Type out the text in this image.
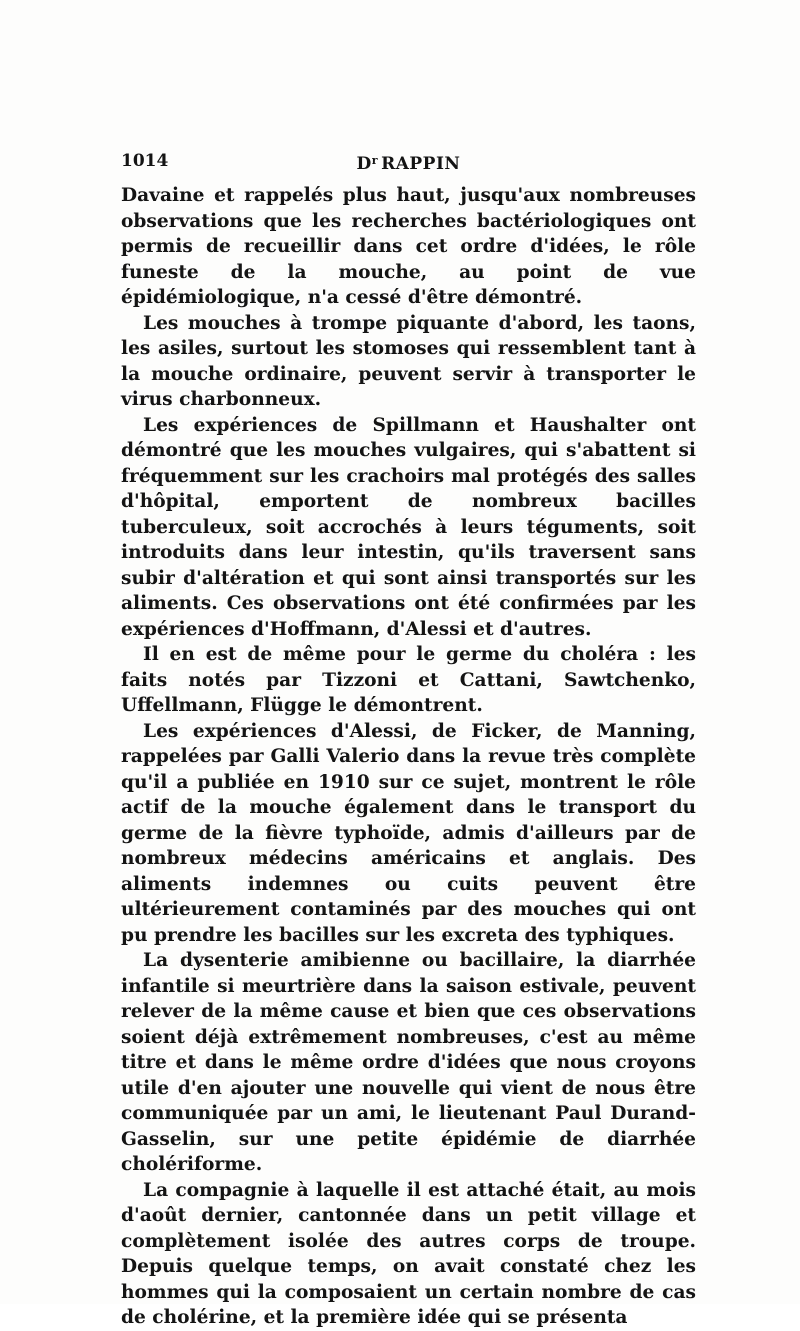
1014	$D^r$ RAPPIN

Davaine et rappelés plus haut, jusqu'aux nombreuses observations que les recherches bactériologiques ont permis de recueillir dans cet ordre d'idées, le rôle funeste de la mouche, au point de vue épidémiologique, n'a cessé d'être démontré.

Les mouches à trompe piquante d'abord, les taons, les asiles, surtout les stomoses qui ressemblent tant à la mouche ordinaire, peuvent servir à transporter le virus charbonneux.

Les expériences de Spillmann et Haushalter ont démontré que les mouches vulgaires, qui s'abattent si fréquemment sur les crachoirs mal protégés des salles d'hôpital, emportent de nombreux bacilles tuberculeux, soit accrochés à leurs téguments, soit introduits dans leur intestin, qu'ils traversent sans subir d'altération et qui sont ainsi transportés sur les aliments. Ces observations ont été confirmées par les expériences d'Hoffmann, d'Alessi et d'autres.

Il en est de même pour le germe du choléra : les faits notés par Tizzoni et Cattani, Sawtchenko, Uffellmann, Flügge le démontrent.

Les expériences d'Alessi, de Ficker, de Manning, rappelées par Galli Valerio dans la revue très complète qu'il a publiée en 1910 sur ce sujet, montrent le rôle actif de la mouche également dans le transport du germe de la fièvre typhoïde, admis d'ailleurs par de nombreux médecins américains et anglais. Des aliments indemnes ou cuits peuvent être ultérieurement contaminés par des mouches qui ont pu prendre les bacilles sur les excreta des typhiques.

La dysenterie amibienne ou bacillaire, la diarrhée infantile si meurtrière dans la saison estivale, peuvent relever de la même cause et bien que ces observations soient déjà extrêmement nombreuses, c'est au même titre et dans le même ordre d'idées que nous croyons utile d'en ajouter une nouvelle qui vient de nous être communiquée par un ami, le lieutenant Paul Durand-Gasselin, sur une petite épidémie de diarrhée cholériforme.

La compagnie à laquelle il est attaché était, au mois d'août dernier, cantonnée dans un petit village et complètement isolée des autres corps de troupe. Depuis quelque temps, on avait constaté chez les hommes qui la composaient un certain nombre de cas de cholérine, et la première idée qui se présenta
